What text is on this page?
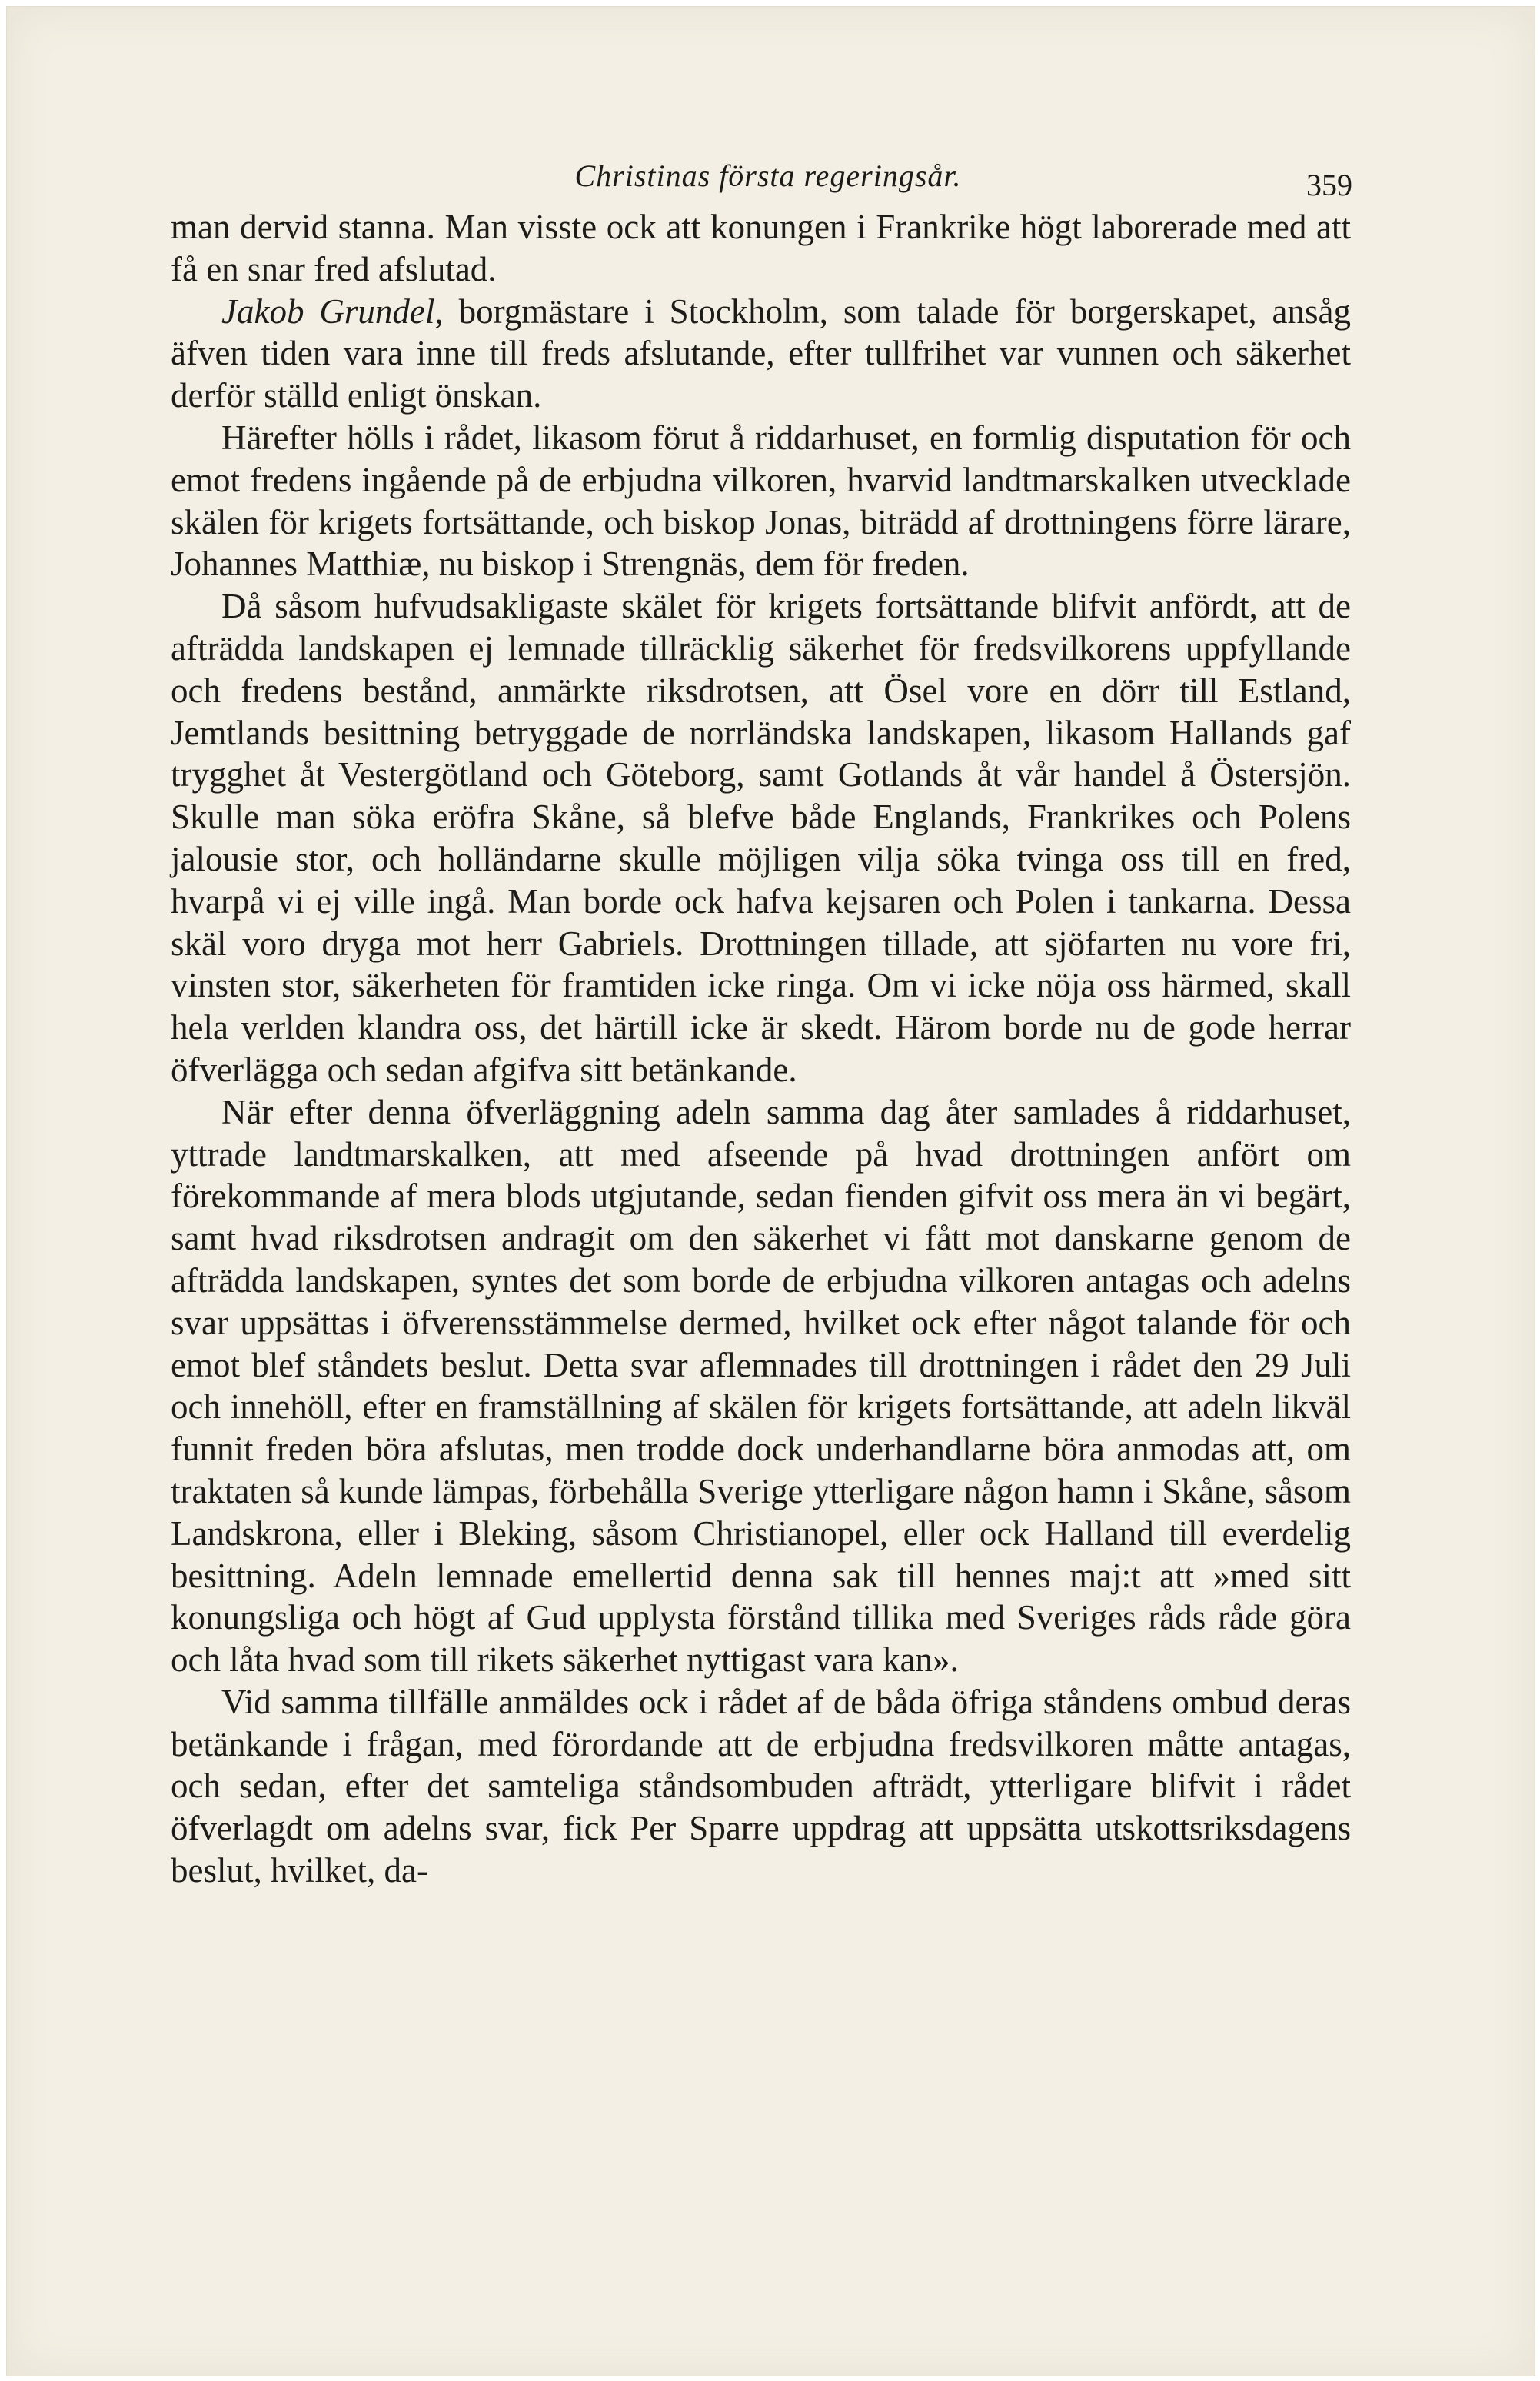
Christinas första regeringsår.	359

man dervid stanna. Man visste ock att konungen i Frankrike högt laborerade med att få en snar fred afslutad.

Jakob Grundel, borgmästare i Stockholm, som talade för borgerskapet, ansåg äfven tiden vara inne till freds afslutande, efter tullfrihet var vunnen och säkerhet derför ställd enligt önskan.

Härefter hölls i rådet, likasom förut å riddarhuset, en formlig disputation för och emot fredens ingående på de erbjudna vilkoren, hvarvid landtmarskalken utvecklade skälen för krigets fortsättande, och biskop Jonas, biträdd af drottningens förre lärare, Johannes Matthiæ, nu biskop i Strengnäs, dem för freden.

Då såsom hufvudsakligaste skälet för krigets fortsättande blifvit anfördt, att de afträdda landskapen ej lemnade tillräcklig säkerhet för fredsvilkorens uppfyllande och fredens bestånd, anmärkte riksdrotsen, att Ösel vore en dörr till Estland, Jemtlands besittning betryggade de norrländska landskapen, likasom Hallands gaf trygghet åt Vestergötland och Göteborg, samt Gotlands åt vår handel å Östersjön. Skulle man söka eröfra Skåne, så blefve både Englands, Frankrikes och Polens jalousie stor, och holländarne skulle möjligen vilja söka tvinga oss till en fred, hvarpå vi ej ville ingå. Man borde ock hafva kejsaren och Polen i tankarna. Dessa skäl voro dryga mot herr Gabriels. Drottningen tillade, att sjöfarten nu vore fri, vinsten stor, säkerheten för framtiden icke ringa. Om vi icke nöja oss härmed, skall hela verlden klandra oss, det härtill icke är skedt. Härom borde nu de gode herrar öfverlägga och sedan afgifva sitt betänkande.

När efter denna öfverläggning adeln samma dag åter samlades å riddarhuset, yttrade landtmarskalken, att med afseende på hvad drottningen anfört om förekommande af mera blods utgjutande, sedan fienden gifvit oss mera än vi begärt, samt hvad riksdrotsen andragit om den säkerhet vi fått mot danskarne genom de afträdda landskapen, syntes det som borde de erbjudna vilkoren antagas och adelns svar uppsättas i öfverensstämmelse dermed, hvilket ock efter något talande för och emot blef ståndets beslut. Detta svar aflemnades till drottningen i rådet den 29 Juli och innehöll, efter en framställning af skälen för krigets fortsättande, att adeln likväl funnit freden böra afslutas, men trodde dock underhandlarne böra anmodas att, om traktaten så kunde lämpas, förbehålla Sverige ytterligare någon hamn i Skåne, såsom Landskrona, eller i Bleking, såsom Christianopel, eller ock Halland till everdelig besittning. Adeln lemnade emellertid denna sak till hennes maj:t att »med sitt konungsliga och högt af Gud upplysta förstånd tillika med Sveriges råds råde göra och låta hvad som till rikets säkerhet nyttigast vara kan».

Vid samma tillfälle anmäldes ock i rådet af de båda öfriga ståndens ombud deras betänkande i frågan, med förordande att de erbjudna fredsvilkoren måtte antagas, och sedan, efter det samteliga ståndsombuden afträdt, ytterligare blifvit i rådet öfverlagdt om adelns svar, fick Per Sparre uppdrag att uppsätta utskottsriksdagens beslut, hvilket, da-
